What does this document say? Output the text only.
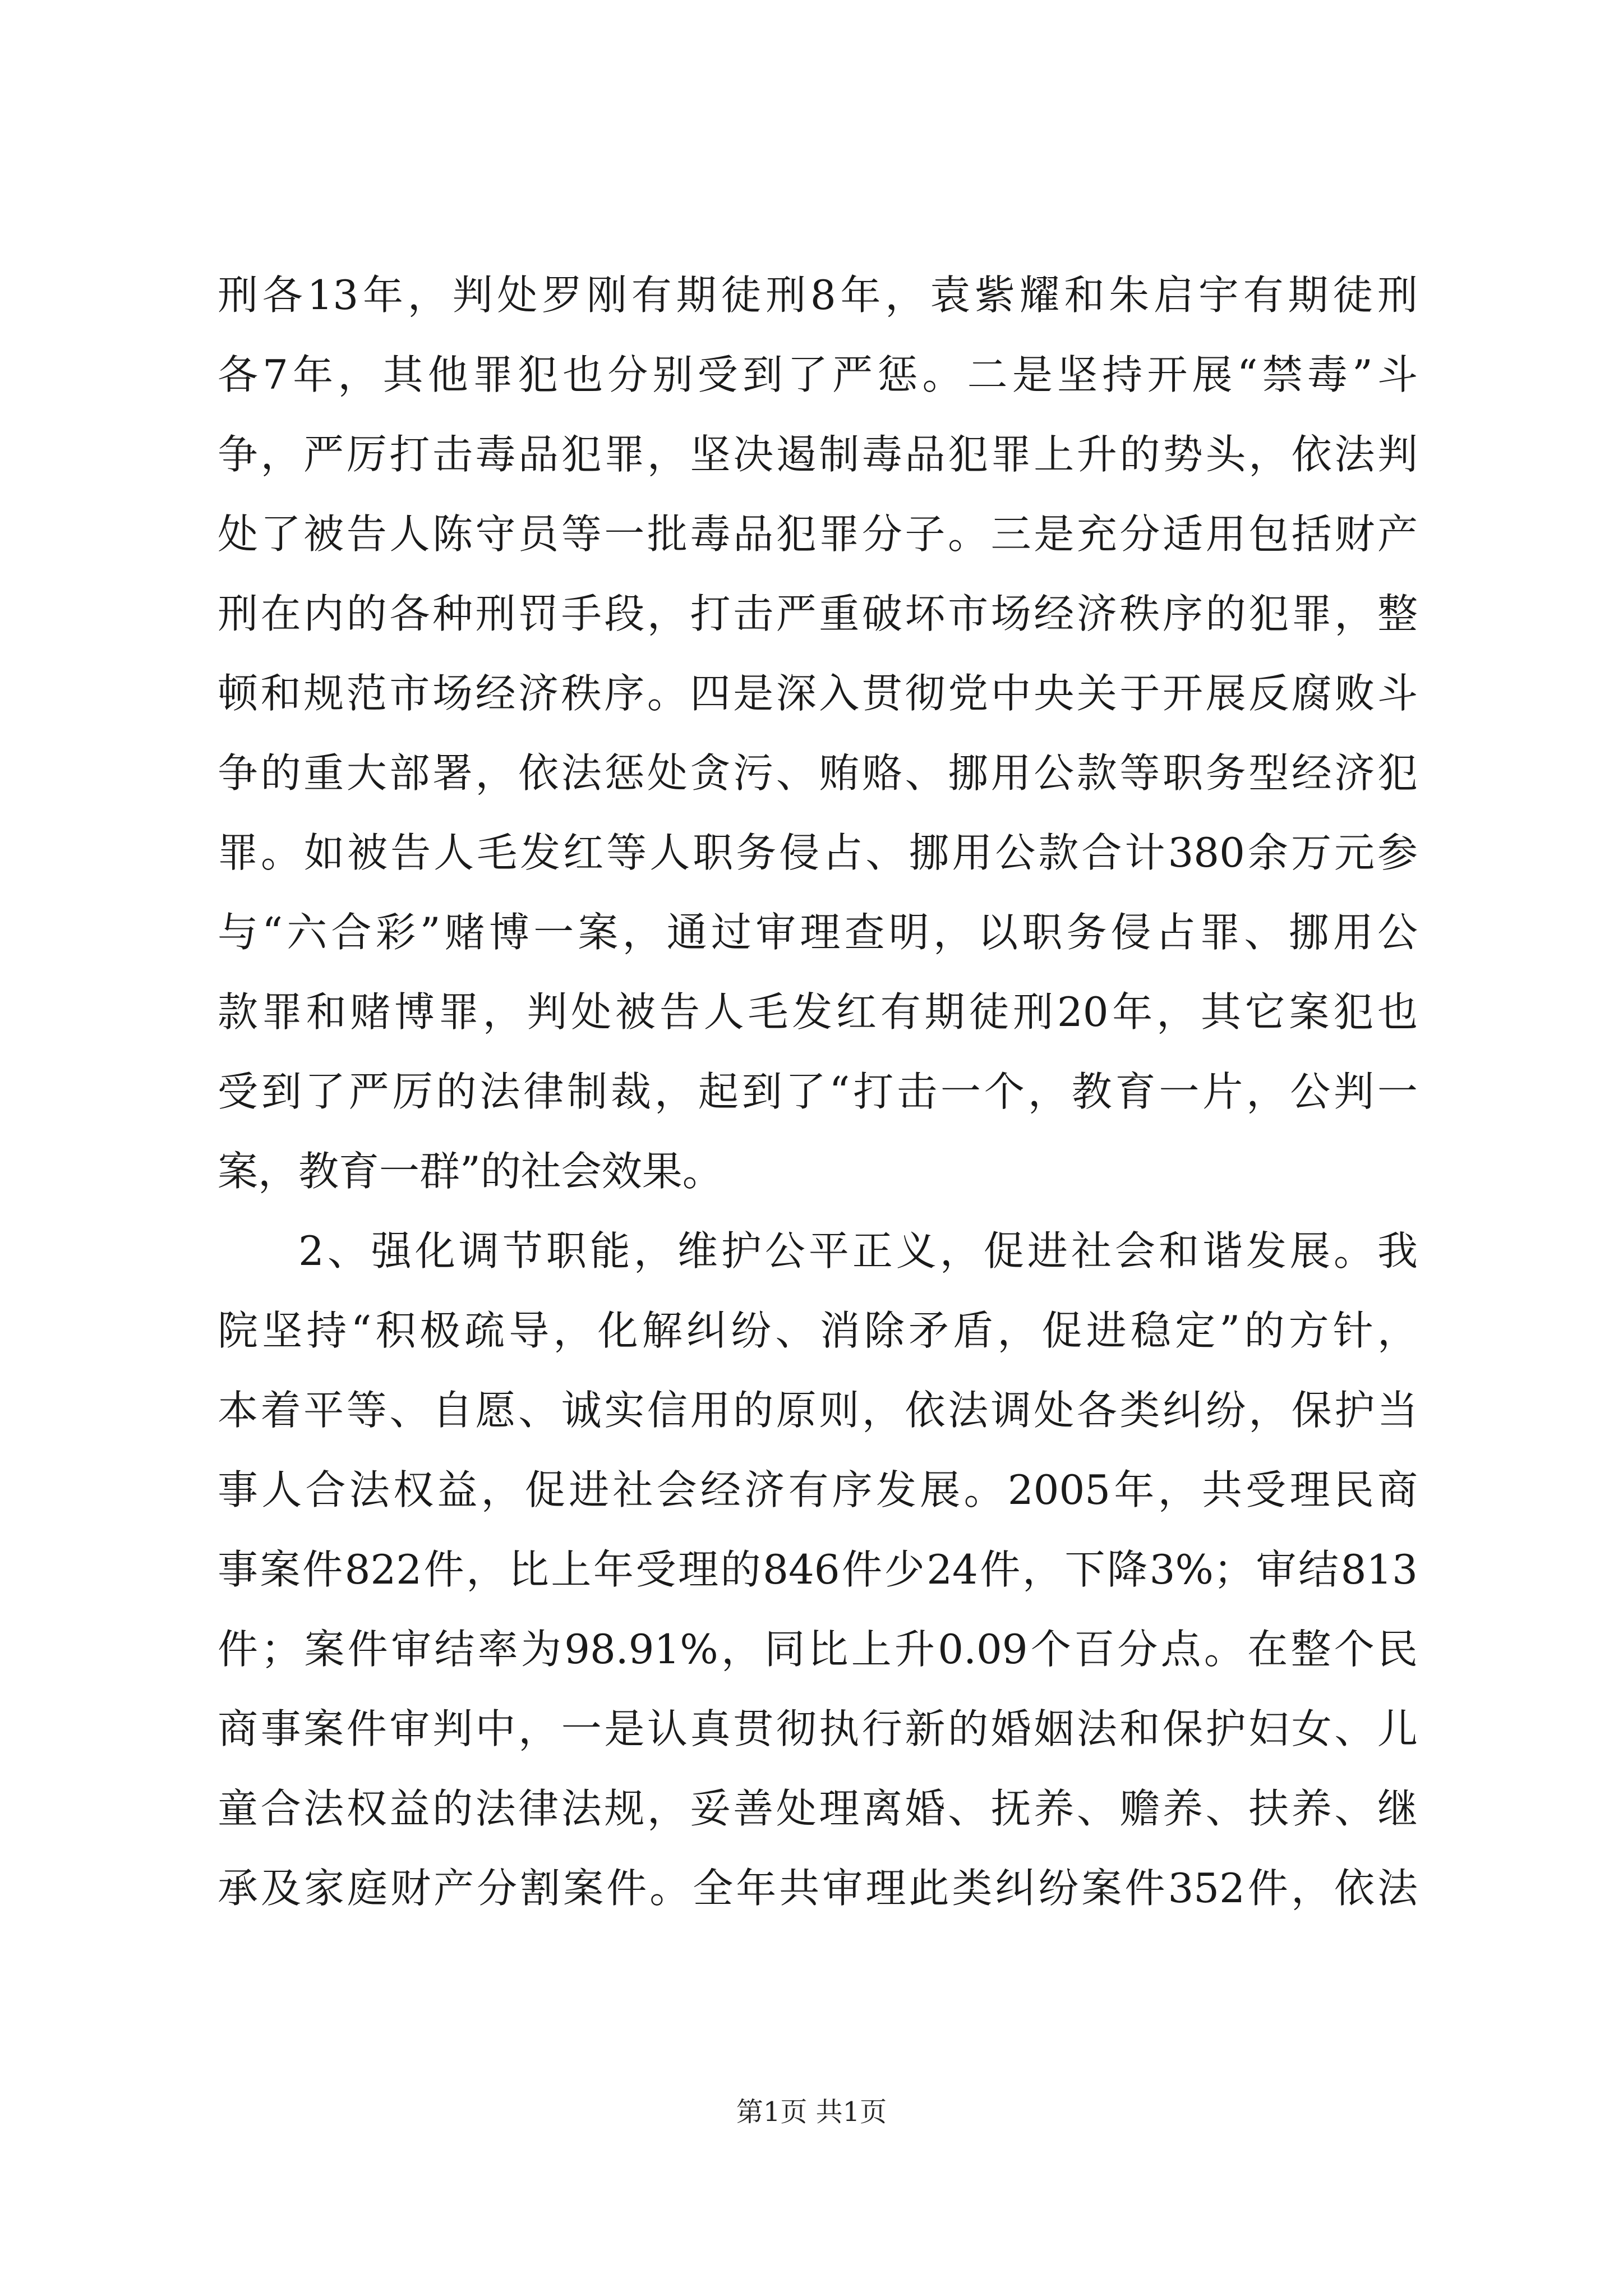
刑各13年，判处罗刚有期徒刑8年，袁紫耀和朱启宇有期徒刑
各7年，其他罪犯也分别受到了严惩。二是坚持开展“禁毒”斗
争，严厉打击毒品犯罪，坚决遏制毒品犯罪上升的势头，依法判
处了被告人陈守员等一批毒品犯罪分子。三是充分适用包括财产
刑在内的各种刑罚手段，打击严重破坏市场经济秩序的犯罪，整
顿和规范市场经济秩序。四是深入贯彻党中央关于开展反腐败斗
争的重大部署，依法惩处贪污、贿赂、挪用公款等职务型经济犯
罪。如被告人毛发红等人职务侵占、挪用公款合计380余万元参
与“六合彩”赌博一案，通过审理查明，以职务侵占罪、挪用公
款罪和赌博罪，判处被告人毛发红有期徒刑20年，其它案犯也
受到了严厉的法律制裁，起到了“打击一个，教育一片，公判一
案，教育一群”的社会效果。
2、强化调节职能，维护公平正义，促进社会和谐发展。我
院坚持“积极疏导，化解纠纷、消除矛盾，促进稳定”的方针，
本着平等、自愿、诚实信用的原则，依法调处各类纠纷，保护当
事人合法权益，促进社会经济有序发展。2005年，共受理民商
事案件822件，比上年受理的846件少24件，下降3%；审结813
件；案件审结率为98.91%，同比上升0.09个百分点。在整个民
商事案件审判中，一是认真贯彻执行新的婚姻法和保护妇女、儿
童合法权益的法律法规，妥善处理离婚、抚养、赡养、扶养、继
承及家庭财产分割案件。全年共审理此类纠纷案件352件，依法
第1页 共1页
